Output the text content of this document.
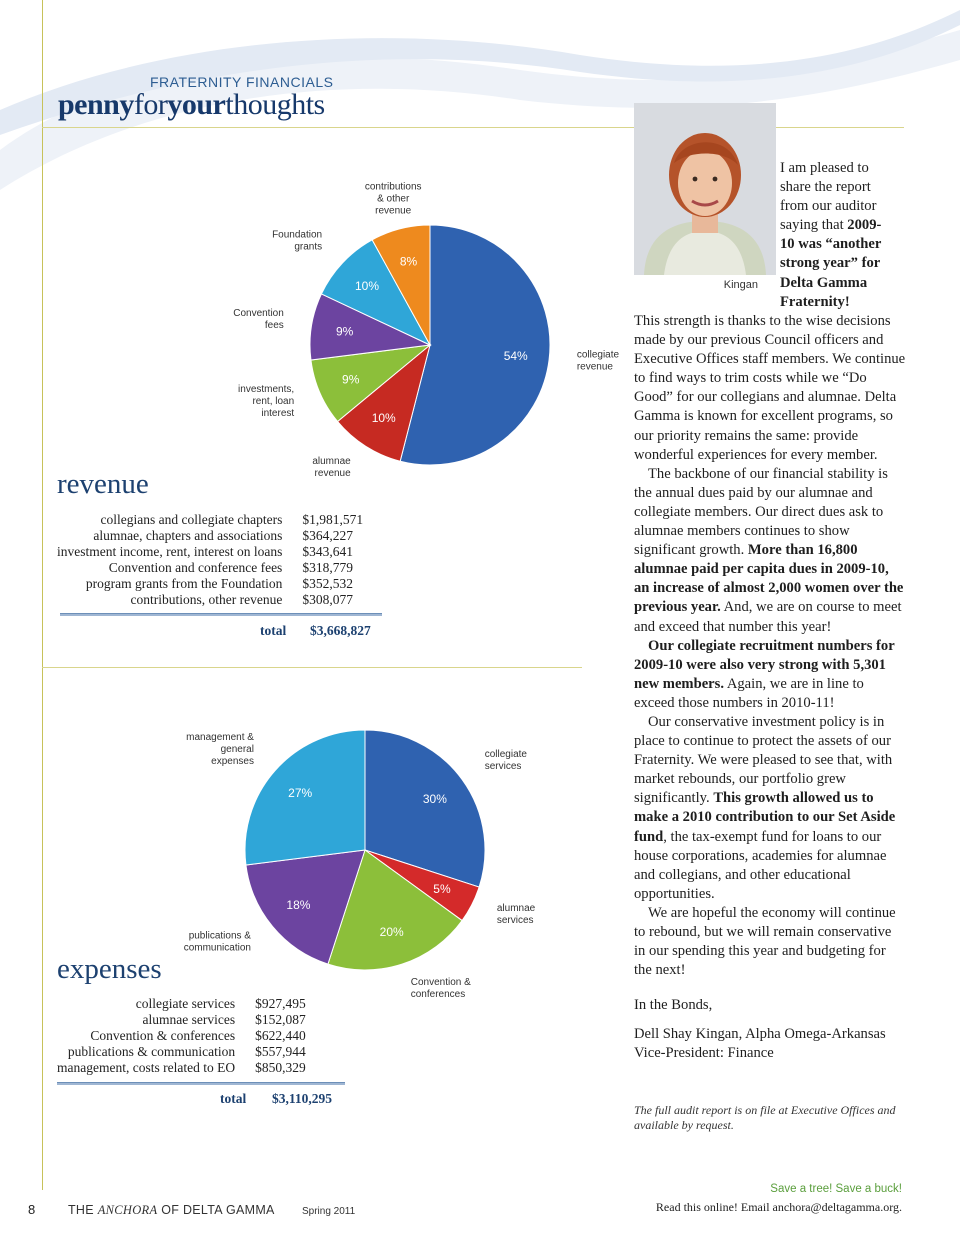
FRATERNITY FINANCIALS
pennyforyourthoughts
54%
10%
9%
9%
10%
8%
collegiate revenue
alumnae revenue
investments, rent, loan interest
Convention fees
Foundation grants
contributions & other revenue
revenue
collegians and collegiate chapters	$1,981,571
alumnae, chapters and associations	$364,227
investment income, rent, interest on loans	$343,641
Convention and conference fees	$318,779
program grants from the Foundation	$352,532
contributions, other revenue	$308,077
total $3,668,827
30%
5%
20%
18%
27%
collegiate services
alumnae services
Convention & conferences
publications & communication
management & general expenses
expenses
collegiate services	$927,495
alumnae services	$152,087
Convention & conferences	$622,440
publications & communication	$557,944
management, costs related to EO	$850,329
total $3,110,295
Kingan

I am pleased to

share the report

from our auditor

saying that 2009-

10 was “another

strong year” for

Delta Gamma

Fraternity!

This strength is thanks to the wise decisions made by our previous Council officers and Executive Offices staff members. We continue to find ways to trim costs while we “Do Good” for our collegians and alumnae. Delta Gamma is known for excellent programs, so our priority remains the same: provide wonderful experiences for every member.

The backbone of our financial stability is the annual dues paid by our alumnae and collegiate members. Our direct dues ask to alumnae members continues to show significant growth. More than 16,800 alumnae paid per capita dues in 2009-10, an increase of almost 2,000 women over the previous year. And, we are on course to meet and exceed that number this year!

Our collegiate recruitment numbers for 2009-10 were also very strong with 5,301 new members. Again, we are in line to exceed those numbers in 2010-11!

Our conservative investment policy is in place to continue to protect the assets of our Fraternity. We were pleased to see that, with market rebounds, our portfolio grew significantly. This growth allowed us to make a 2010 contribution to our Set Aside fund, the tax-exempt fund for loans to our house corporations, academies for alumnae and collegians, and other educational opportunities.

We are hopeful the economy will continue to rebound, but we will remain conservative in our spending this year and budgeting for the next!

In the Bonds,

Dell Shay Kingan, Alpha Omega-Arkansas

Vice-President: Finance

The full audit report is on file at Executive Offices and available by request.
8	THE ANCHORA OF DELTA GAMMA	Spring 2011
Save a tree! Save a buck!
Read this online! Email anchora@deltagamma.org.
